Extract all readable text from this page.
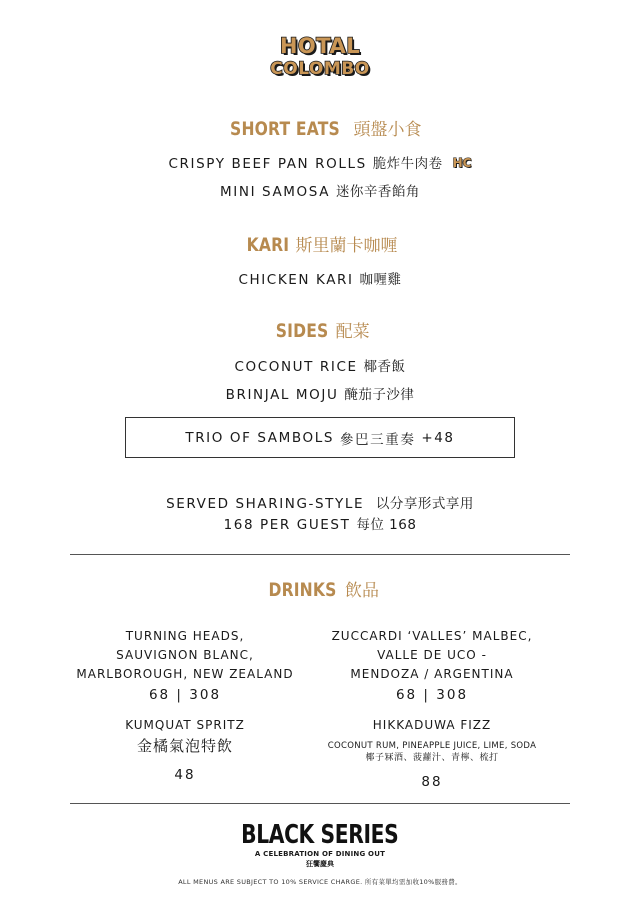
HOTAL
COLOMBO
SHORT EATS 頭盤小食
CRISPY BEEF PAN ROLLS 脆炸牛肉卷 HC
MINI SAMOSA 迷你辛香餡角
KARI 斯里蘭卡咖喱
CHICKEN KARI 咖喱雞
SIDES 配菜
COCONUT RICE 椰香飯
BRINJAL MOJU 醃茄子沙律
TRIO OF SAMBOLS
參巴三重奏
+48
SERVED SHARING-STYLE 以分享形式享用
168 PER GUEST 每位 168
DRINKS 飲品
TURNING HEADS,
SAUVIGNON BLANC,
MARLBOROUGH, NEW ZEALAND
68 | 308
ZUCCARDI ‘VALLES’ MALBEC,
VALLE DE UCO -
MENDOZA / ARGENTINA
68 | 308
KUMQUAT SPRITZ
金橘氣泡特飲
48
HIKKADUWA FIZZ
COCONUT RUM, PINEAPPLE JUICE, LIME, SODA
椰子冧酒、菠蘿汁、青檸、梳打
88
BLACK SERIES
A CELEBRATION OF DINING OUT
狂饗慶典
ALL MENUS ARE SUBJECT TO 10% SERVICE CHARGE. 所有菜單均需加收10%服務費。
